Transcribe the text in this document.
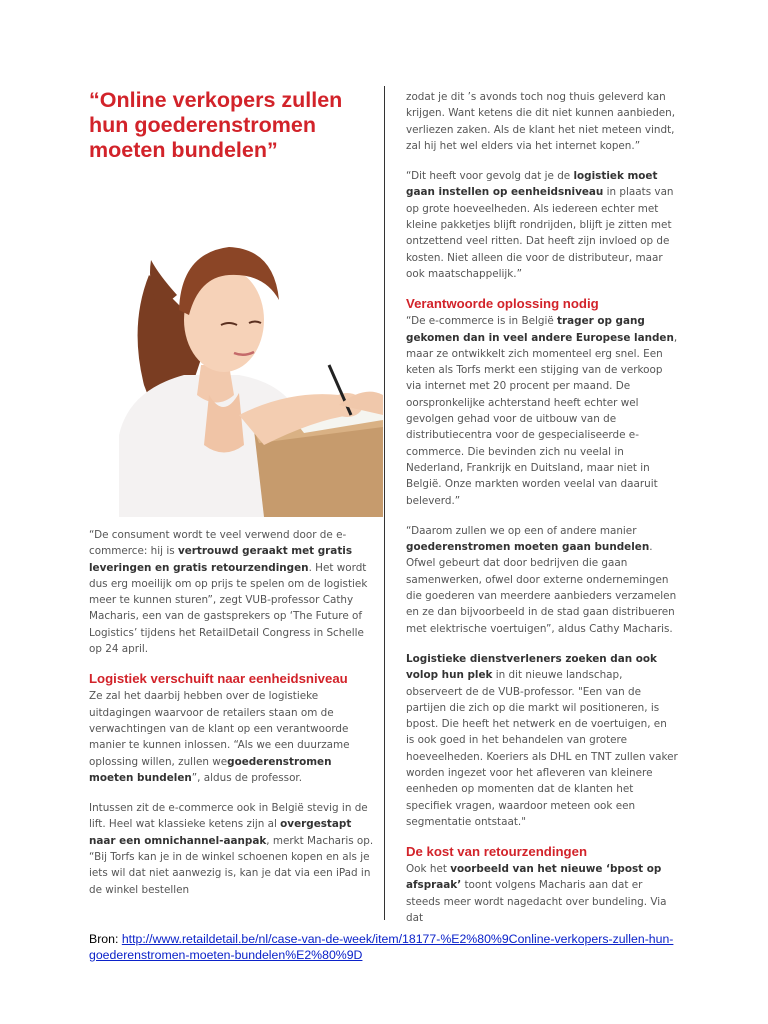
“Online verkopers zullen hun goederenstromen moeten bundelen”

“De consument wordt te veel verwend door de e-commerce: hij is vertrouwd geraakt met gratis leveringen en gratis retourzendingen. Het wordt dus erg moeilijk om op prijs te spelen om de logistiek meer te kunnen sturen”, zegt VUB-professor Cathy Macharis, een van de gastsprekers op ‘The Future of Logistics’ tijdens het RetailDetail Congress in Schelle op 24 april.

Logistiek verschuift naar eenheidsniveau

Ze zal het daarbij hebben over de logistieke uitdagingen waarvoor de retailers staan om de verwachtingen van de klant op een verantwoorde manier te kunnen inlossen. “Als we een duurzame oplossing willen, zullen wegoederenstromen moeten bundelen”, aldus de professor.

Intussen zit de e-commerce ook in België stevig in de lift. Heel wat klassieke ketens zijn al overgestapt naar een omnichannel-aanpak, merkt Macharis op. “Bij Torfs kan je in de winkel schoenen kopen en als je iets wil dat niet aanwezig is, kan je dat via een iPad in de winkel bestellen

zodat je dit ’s avonds toch nog thuis geleverd kan krijgen. Want ketens die dit niet kunnen aanbieden, verliezen zaken. Als de klant het niet meteen vindt, zal hij het wel elders via het internet kopen.”

“Dit heeft voor gevolg dat je de logistiek moet gaan instellen op eenheidsniveau in plaats van op grote hoeveelheden. Als iedereen echter met kleine pakketjes blijft rondrijden, blijft je zitten met ontzettend veel ritten. Dat heeft zijn invloed op de kosten. Niet alleen die voor de distributeur, maar ook maatschappelijk.”

Verantwoorde oplossing nodig

“De e-commerce is in België trager op gang gekomen dan in veel andere Europese landen, maar ze ontwikkelt zich momenteel erg snel. Een keten als Torfs merkt een stijging van de verkoop via internet met 20 procent per maand. De oorspronkelijke achterstand heeft echter wel gevolgen gehad voor de uitbouw van de distributiecentra voor de gespecialiseerde e-commerce. Die bevinden zich nu veelal in Nederland, Frankrijk en Duitsland, maar niet in België. Onze markten worden veelal van daaruit beleverd.”

“Daarom zullen we op een of andere manier goederenstromen moeten gaan bundelen. Ofwel gebeurt dat door bedrijven die gaan samenwerken, ofwel door externe ondernemingen die goederen van meerdere aanbieders verzamelen en ze dan bijvoorbeeld in de stad gaan distribueren met elektrische voertuigen”, aldus Cathy Macharis.

Logistieke dienstverleners zoeken dan ook volop hun plek in dit nieuwe landschap, observeert de de VUB-professor. "Een van de partijen die zich op die markt wil positioneren, is bpost. Die heeft het netwerk en de voertuigen, en is ook goed in het behandelen van grotere hoeveelheden. Koeriers als DHL en TNT zullen vaker worden ingezet voor het afleveren van kleinere eenheden op momenten dat de klanten het specifiek vragen, waardoor meteen ook een segmentatie ontstaat."

De kost van retourzendingen

Ook het voorbeeld van het nieuwe ‘bpost op afspraak’ toont volgens Macharis aan dat er steeds meer wordt nagedacht over bundeling. Via dat

Bron: http://www.retaildetail.be/nl/case-van-de-week/item/18177-%E2%80%9Conline-verkopers-zullen-hun-goederenstromen-moeten-bundelen%E2%80%9D
